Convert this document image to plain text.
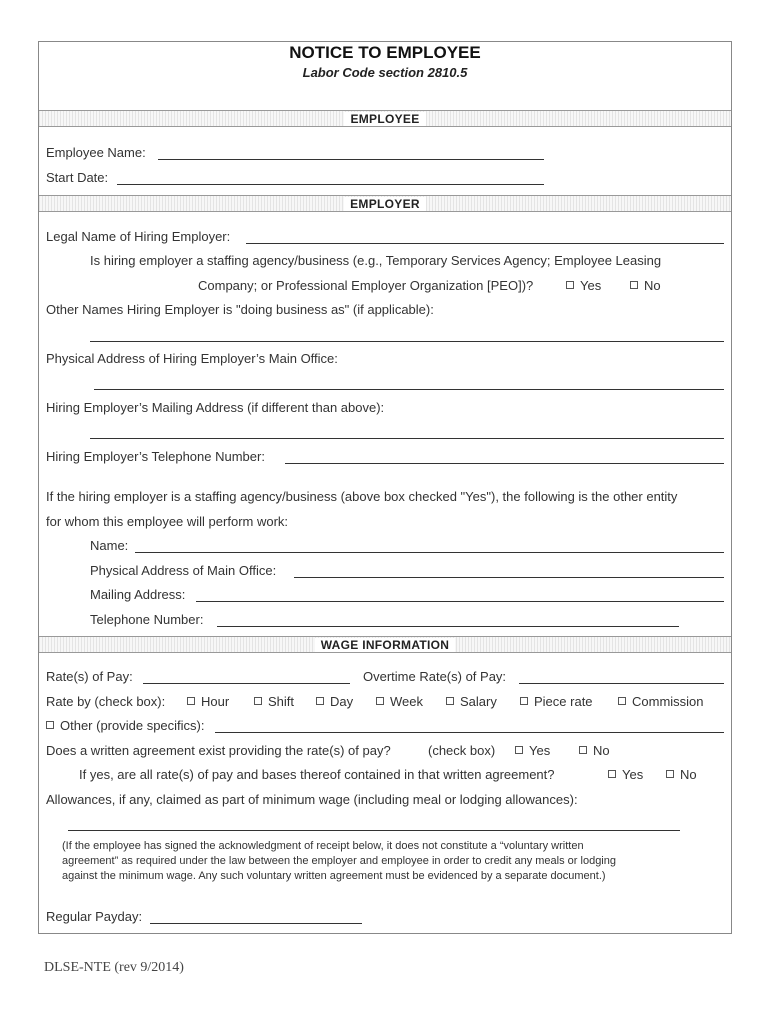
NOTICE TO EMPLOYEE
Labor Code section 2810.5
EMPLOYEE
Employee Name:
Start Date:
EMPLOYER
Legal Name of Hiring Employer:
Is hiring employer a staffing agency/business (e.g., Temporary Services Agency; Employee Leasing
Company; or Professional Employer Organization [PEO])?	Yes	No
Other Names Hiring Employer is "doing business as" (if applicable):
Physical Address of Hiring Employer’s Main Office:
Hiring Employer’s Mailing Address (if different than above):
Hiring Employer’s Telephone Number:
If the hiring employer is a staffing agency/business (above box checked "Yes"), the following is the other entity
for whom this employee will perform work:
Name:
Physical Address of Main Office:
Mailing Address:
Telephone Number:
WAGE INFORMATION
Rate(s) of Pay:	Overtime Rate(s) of Pay:
Rate by (check box):	Hour	Shift	Day	Week	Salary	Piece rate	Commission
Other (provide specifics):
Does a written agreement exist providing the rate(s) of pay?	(check box)	Yes	No
If yes, are all rate(s) of pay and bases thereof contained in that written agreement?	Yes	No
Allowances, if any, claimed as part of minimum wage (including meal or lodging allowances):
(If the employee has signed the acknowledgment of receipt below, it does not constitute a “voluntary written
agreement” as required under the law between the employer and employee in order to credit any meals or lodging
against the minimum wage. Any such voluntary written agreement must be evidenced by a separate document.)
Regular Payday:
DLSE-NTE (rev 9/2014)
